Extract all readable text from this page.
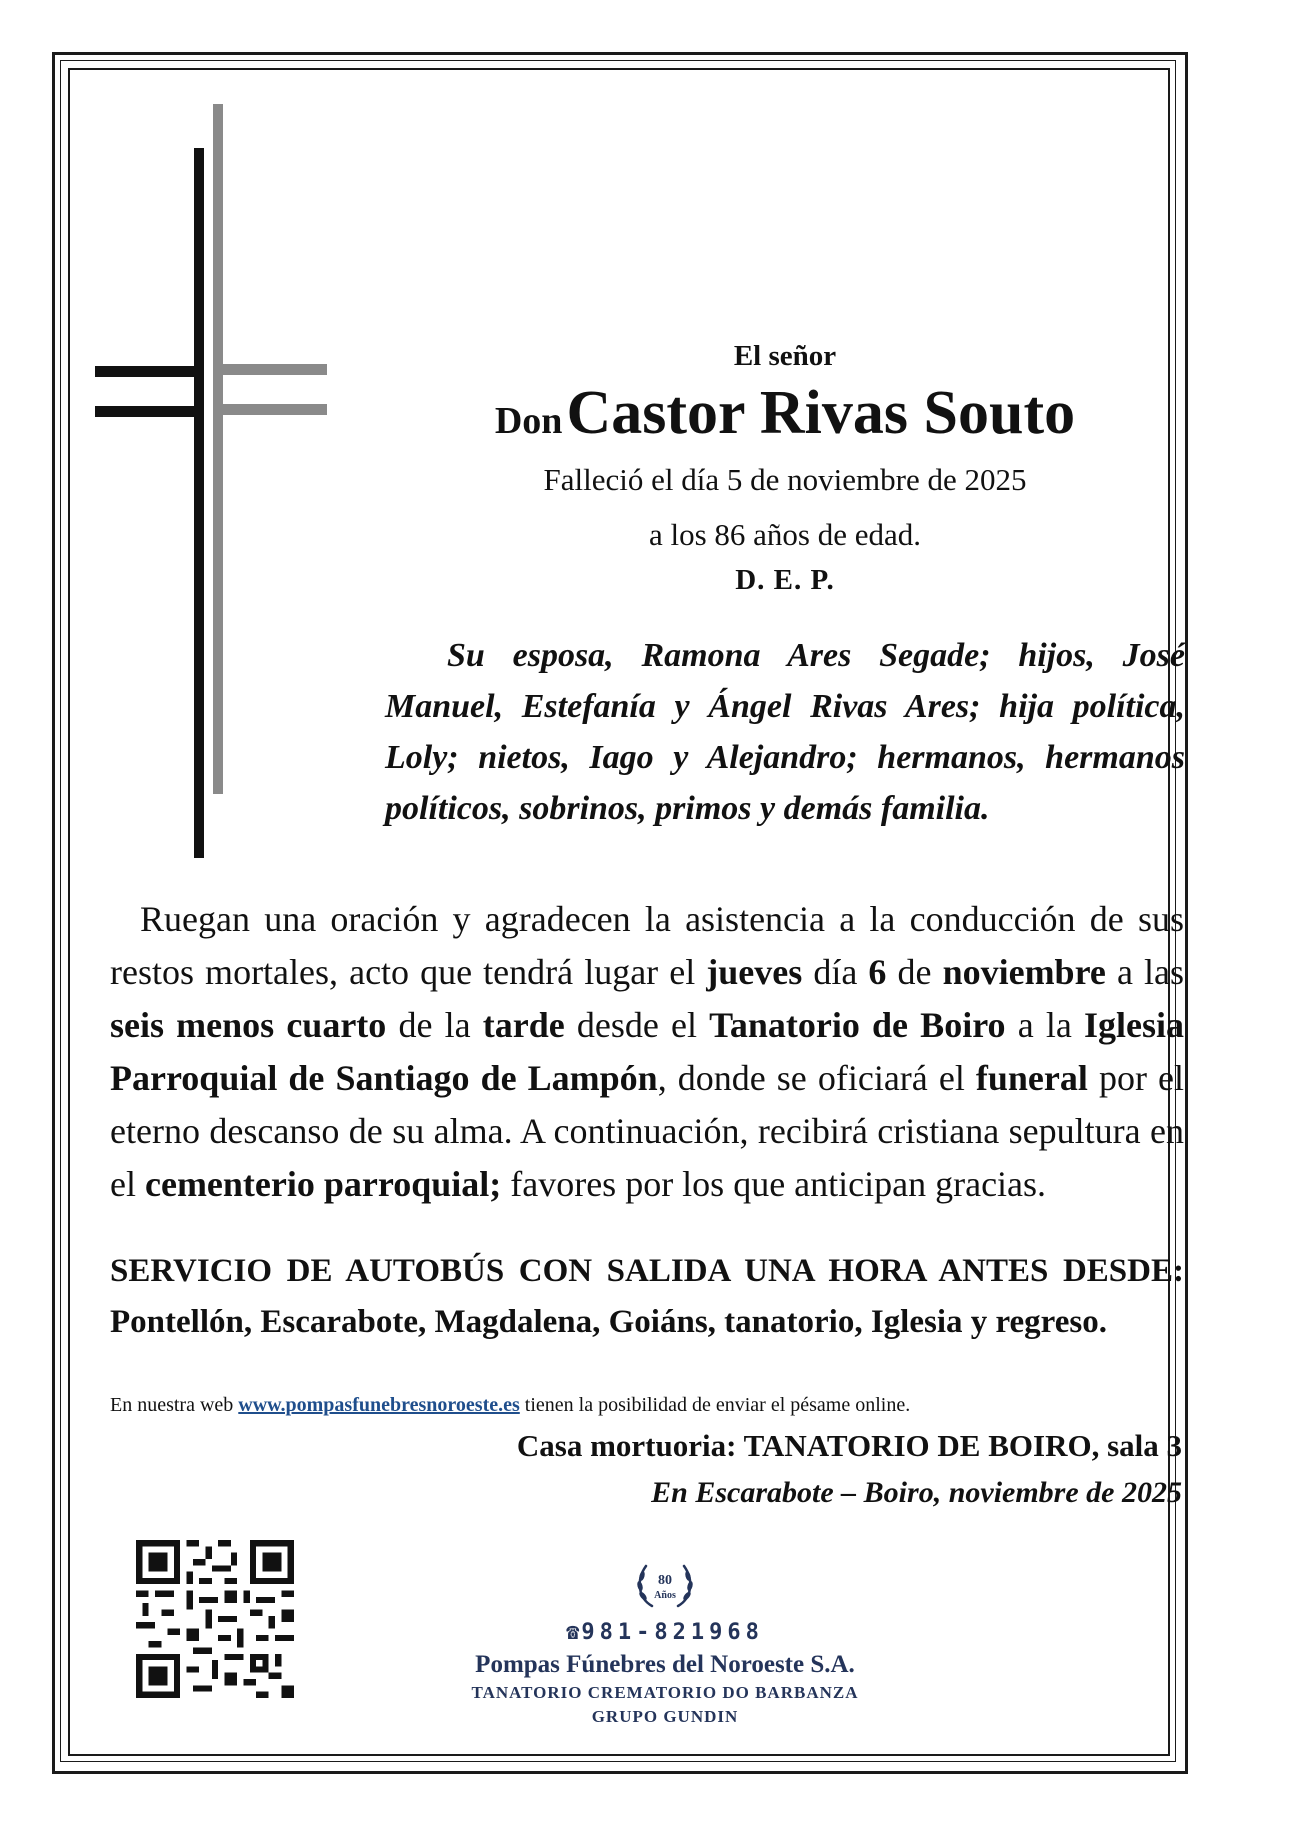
El señor
Don Castor Rivas Souto
Falleció el día 5 de noviembre de 2025
a los 86 años de edad.
D. E. P.
Su esposa, Ramona Ares Segade; hijos, José Manuel, Estefanía y Ángel Rivas Ares; hija política, Loly; nietos, Iago y Alejandro; hermanos, hermanos políticos, sobrinos, primos y demás familia.
Ruegan una oración y agradecen la asistencia a la conducción de sus restos mortales, acto que tendrá lugar el jueves día 6 de noviembre a las seis menos cuarto de la tarde desde el Tanatorio de Boiro a la Iglesia Parroquial de Santiago de Lampón, donde se oficiará el funeral por el eterno descanso de su alma. A continuación, recibirá cristiana sepultura en el cementerio parroquial; favores por los que anticipan gracias.
SERVICIO DE AUTOBÚS CON SALIDA UNA HORA ANTES DESDE: Pontellón, Escarabote, Magdalena, Goiáns, tanatorio, Iglesia y regreso.
En nuestra web www.pompasfunebresnoroeste.es tienen la posibilidad de enviar el pésame online.
Casa mortuoria: TANATORIO DE BOIRO, sala 3
En Escarabote – Boiro, noviembre de 2025
80
Años
☎981-821968
Pompas Fúnebres del Noroeste S.A.
TANATORIO CREMATORIO DO BARBANZA
GRUPO GUNDIN
